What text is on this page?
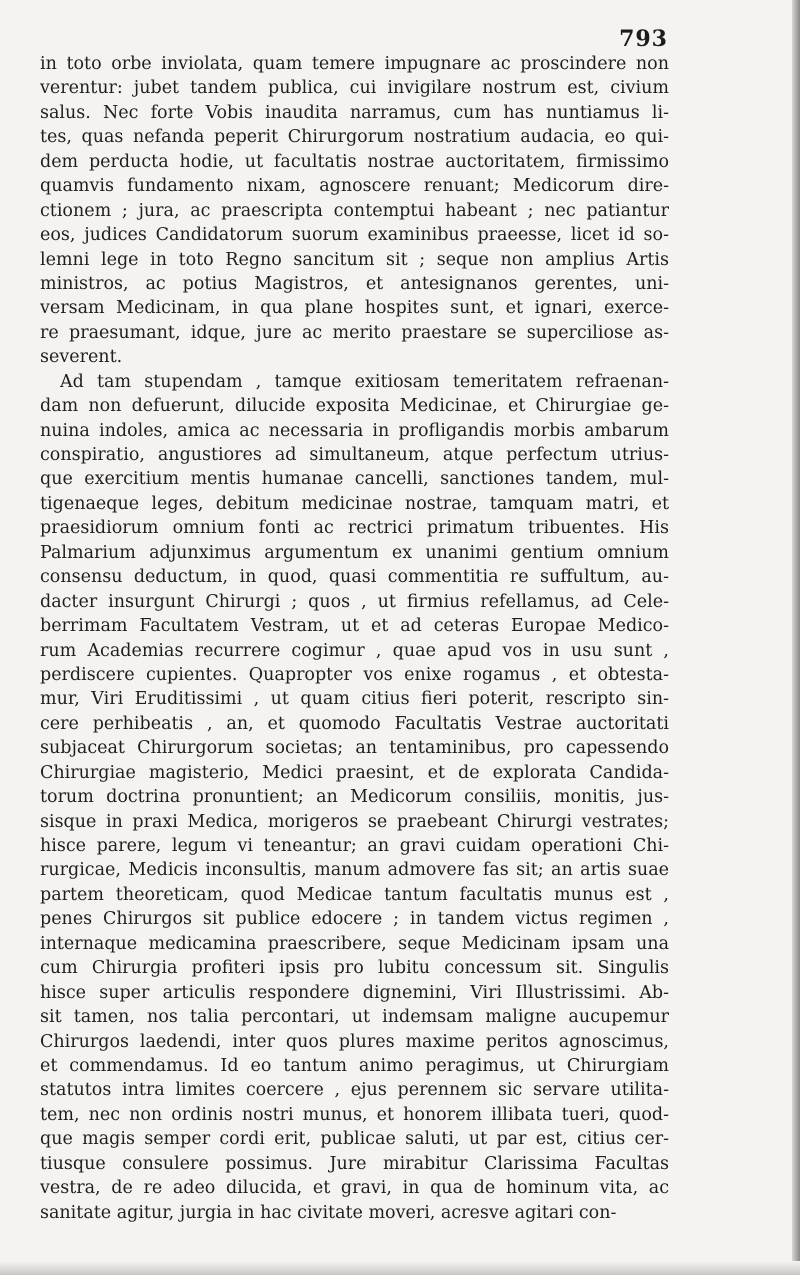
793
in toto orbe inviolata, quam temere impugnare ac proscindere non
verentur: jubet tandem publica, cui invigilare nostrum est, civium
salus. Nec forte Vobis inaudita narramus, cum has nuntiamus li-
tes, quas nefanda peperit Chirurgorum nostratium audacia, eo qui-
dem perducta hodie, ut facultatis nostrae auctoritatem, firmissimo
quamvis fundamento nixam, agnoscere renuant; Medicorum dire-
ctionem ; jura, ac praescripta contemptui habeant ; nec patiantur
eos, judices Candidatorum suorum examinibus praeesse, licet id so-
lemni lege in toto Regno sancitum sit ; seque non amplius Artis
ministros, ac potius Magistros, et antesignanos gerentes, uni-
versam Medicinam, in qua plane hospites sunt, et ignari, exerce-
re praesumant, idque, jure ac merito praestare se superciliose as-
severent.
Ad tam stupendam , tamque exitiosam temeritatem refraenan-
dam non defuerunt, dilucide exposita Medicinae, et Chirurgiae ge-
nuina indoles, amica ac necessaria in profligandis morbis ambarum
conspiratio, angustiores ad simultaneum, atque perfectum utrius-
que exercitium mentis humanae cancelli, sanctiones tandem, mul-
tigenaeque leges, debitum medicinae nostrae, tamquam matri, et
praesidiorum omnium fonti ac rectrici primatum tribuentes. His
Palmarium adjunximus argumentum ex unanimi gentium omnium
consensu deductum, in quod, quasi commentitia re suffultum, au-
dacter insurgunt Chirurgi ; quos , ut firmius refellamus, ad Cele-
berrimam Facultatem Vestram, ut et ad ceteras Europae Medico-
rum Academias recurrere cogimur , quae apud vos in usu sunt ,
perdiscere cupientes. Quapropter vos enixe rogamus , et obtesta-
mur, Viri Eruditissimi , ut quam citius fieri poterit, rescripto sin-
cere perhibeatis , an, et quomodo Facultatis Vestrae auctoritati
subjaceat Chirurgorum societas; an tentaminibus, pro capessendo
Chirurgiae magisterio, Medici praesint, et de explorata Candida-
torum doctrina pronuntient; an Medicorum consiliis, monitis, jus-
sisque in praxi Medica, morigeros se praebeant Chirurgi vestrates;
hisce parere, legum vi teneantur; an gravi cuidam operationi Chi-
rurgicae, Medicis inconsultis, manum admovere fas sit; an artis suae
partem theoreticam, quod Medicae tantum facultatis munus est ,
penes Chirurgos sit publice edocere ; in tandem victus regimen ,
internaque medicamina praescribere, seque Medicinam ipsam una
cum Chirurgia profiteri ipsis pro lubitu concessum sit. Singulis
hisce super articulis respondere dignemini, Viri Illustrissimi. Ab-
sit tamen, nos talia percontari, ut indemsam maligne aucupemur
Chirurgos laedendi, inter quos plures maxime peritos agnoscimus,
et commendamus. Id eo tantum animo peragimus, ut Chirurgiam
statutos intra limites coercere , ejus perennem sic servare utilita-
tem, nec non ordinis nostri munus, et honorem illibata tueri, quod-
que magis semper cordi erit, publicae saluti, ut par est, citius cer-
tiusque consulere possimus. Jure mirabitur Clarissima Facultas
vestra, de re adeo dilucida, et gravi, in qua de hominum vita, ac
sanitate agitur, jurgia in hac civitate moveri, acresve agitari con-
